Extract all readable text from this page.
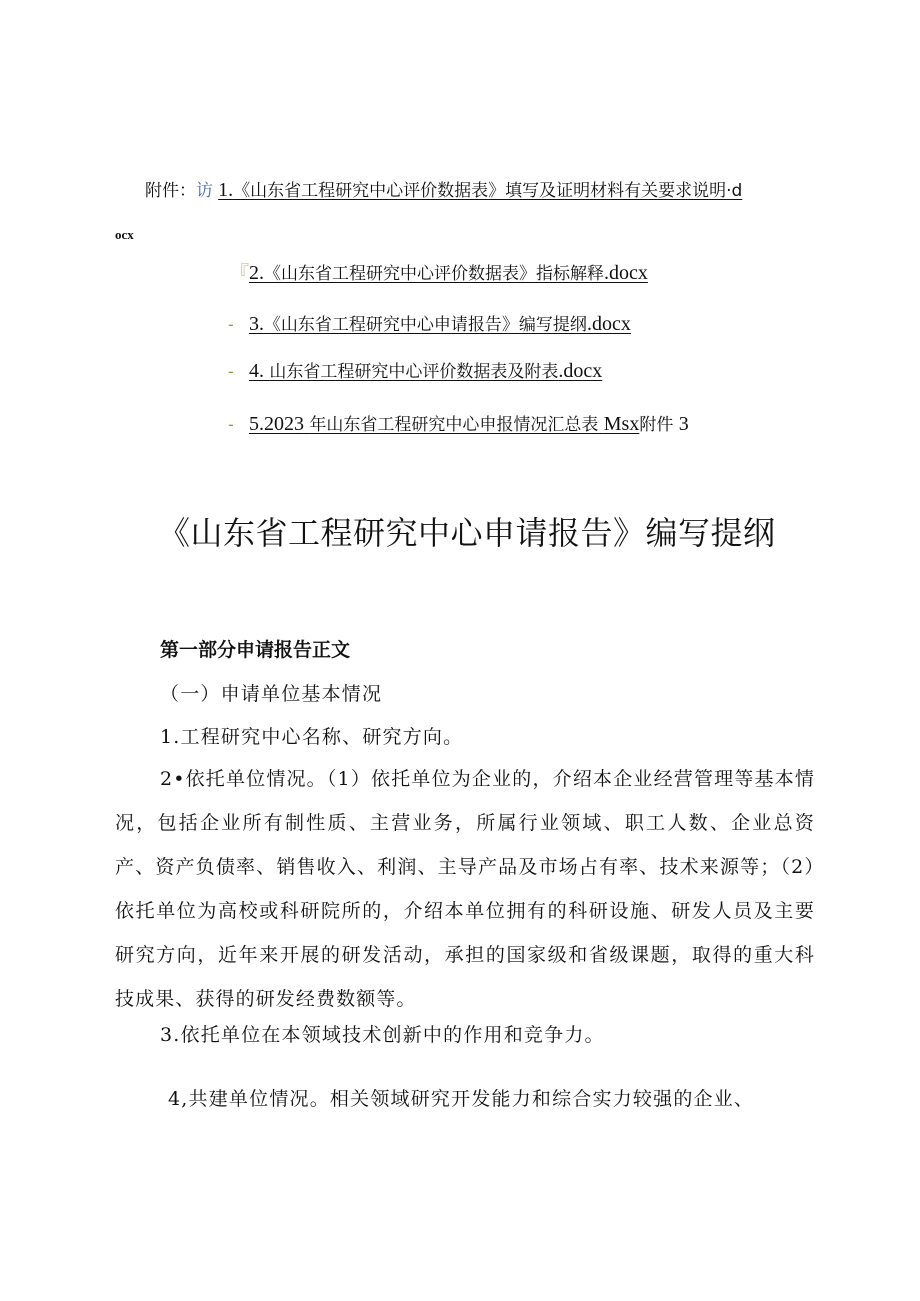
附件：访 1.《山东省工程研究中心评价数据表》填写及证明材料有关要求说明·d
ocx
『2.《山东省工程研究中心评价数据表》指标解释.docx
- 3.《山东省工程研究中心申请报告》编写提纲.docx
- 4. 山东省工程研究中心评价数据表及附表.docx
- 5.2023 年山东省工程研究中心申报情况汇总表 Msx附件 3
《山东省工程研究中心申请报告》编写提纲
第一部分申请报告正文
（一）申请单位基本情况
1.工程研究中心名称、研究方向。
2•依托单位情况。（1）依托单位为企业的，介绍本企业经营管理等基本情况，包括企业所有制性质、主营业务，所属行业领域、职工人数、企业总资产、资产负债率、销售收入、利润、主导产品及市场占有率、技术来源等；（2）依托单位为高校或科研院所的，介绍本单位拥有的科研设施、研发人员及主要研究方向，近年来开展的研发活动，承担的国家级和省级课题，取得的重大科技成果、获得的研发经费数额等。
3.依托单位在本领域技术创新中的作用和竞争力。
4,共建单位情况。相关领域研究开发能力和综合实力较强的企业、
